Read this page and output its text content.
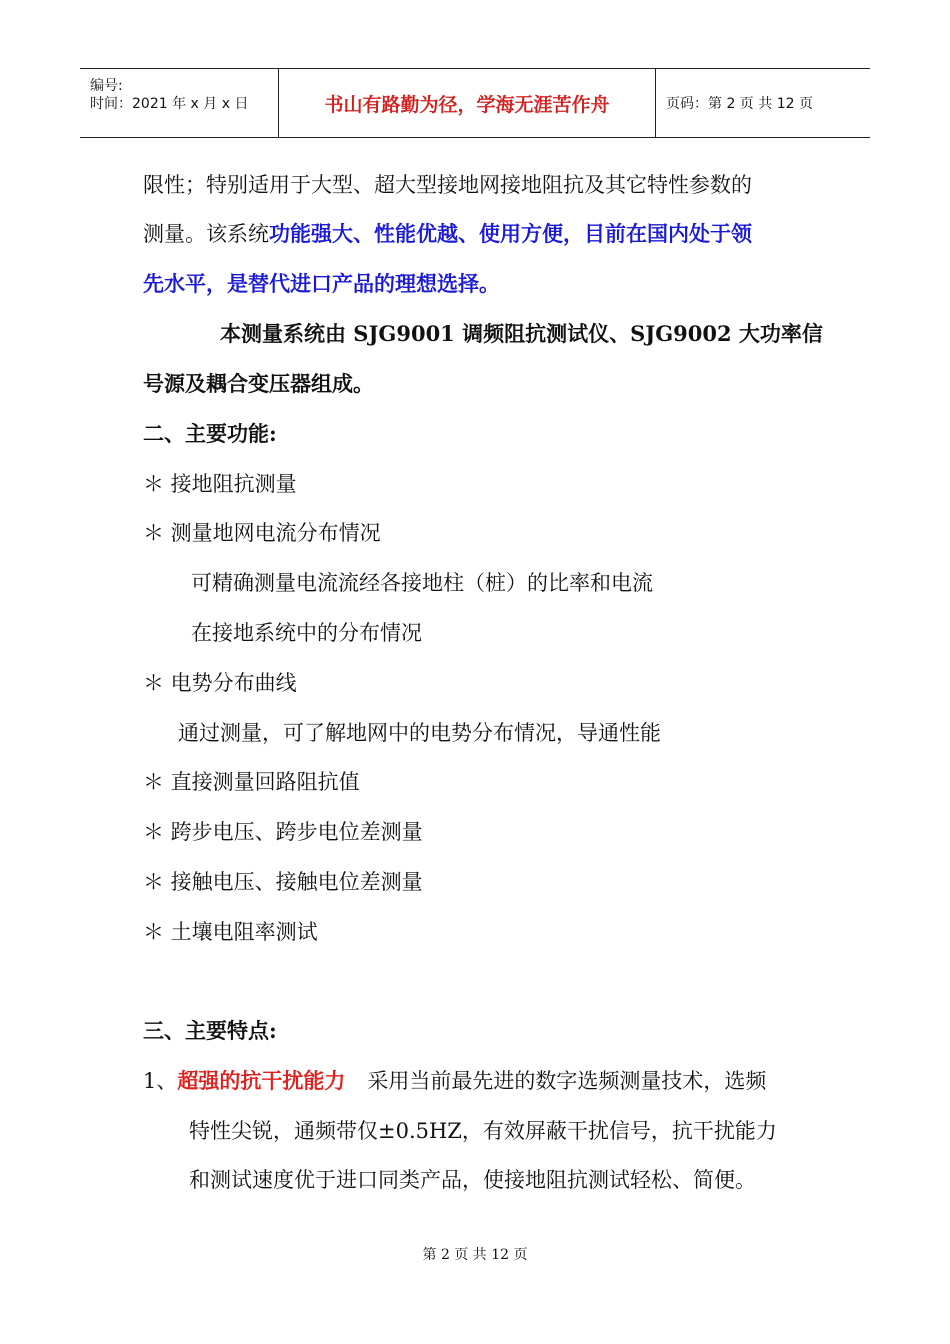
编号:
时间：2021 年 x 月 x 日	书山有路勤为径，学海无涯苦作舟	页码：第 2 页 共 12 页
限性；特别适用于大型、超大型接地网接地阻抗及其它特性参数的
测量。该系统功能强大、性能优越、使用方便，目前在国内处于领
先水平，是替代进口产品的理想选择。
本测量系统由 SJG9001 调频阻抗测试仪、SJG9002 大功率信
号源及耦合变压器组成。
二、主要功能:
＊ 接地阻抗测量
＊ 测量地网电流分布情况
可精确测量电流流经各接地柱（桩）的比率和电流
在接地系统中的分布情况
＊ 电势分布曲线
通过测量，可了解地网中的电势分布情况，导通性能
＊ 直接测量回路阻抗值
＊ 跨步电压、跨步电位差测量
＊ 接触电压、接触电位差测量
＊ 土壤电阻率测试
三、主要特点:
1、超强的抗干扰能力 采用当前最先进的数字选频测量技术，选频
特性尖锐，通频带仅±0.5HZ，有效屏蔽干扰信号，抗干扰能力
和测试速度优于进口同类产品，使接地阻抗测试轻松、简便。
第 2 页 共 12 页
